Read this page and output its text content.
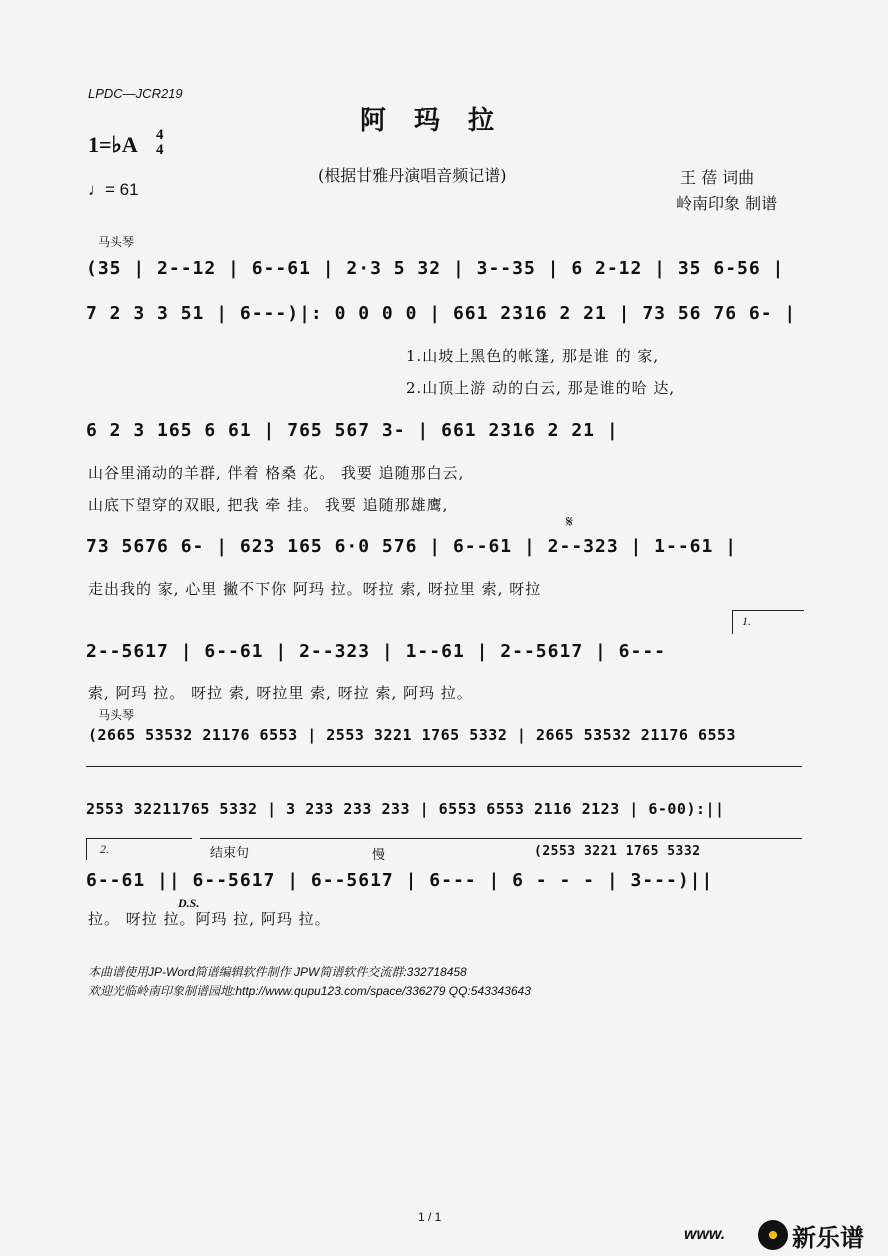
LPDC—JCR219
阿玛拉
1=♭A 4
4
♩= 61
(根据甘雅丹演唱音频记谱)	王 蓓 词曲
岭南印象 制谱
马头琴
(35 | 2--12 | 6--61 | 2·3 5 32 | 3--35 | 6 2-12 | 35 6-56 |
7 2 3 3 51 | 6---)|: 0 0 0 0 | 661 2316 2 21 | 73 56 76 6- |
1.山坡上黑色的帐篷, 那是谁 的 家,
2.山顶上游 动的白云, 那是谁的哈 达,
6 2 3 165 6 61 | 765 567 3- | 661 2316 2 21 |
山谷里涌动的羊群, 伴着 格桑 花。 我要 追随那白云,
山底下望穿的双眼, 把我 牵 挂。 我要 追随那雄鹰,
𝄋
73 5676 6- | 623 165 6·0 576 | 6--61 | 2--323 | 1--61 |
走出我的 家, 心里 撇不下你 阿玛 拉。呀拉 索, 呀拉里 索, 呀拉
1.
2--5617 | 6--61 | 2--323 | 1--61 | 2--5617 | 6---
索, 阿玛 拉。 呀拉 索, 呀拉里 索, 呀拉 索, 阿玛 拉。
马头琴
(2665 53532 21176 6553 | 2553 3221 1765 5332 | 2665 53532 21176 6553
2553 32211765 5332 | 3 233 233 233 | 6553 6553 2116 2123 | 6-00):||
2.	结束句	慢	(2553 3221 1765 5332
6--61 || 6--5617 | 6--5617 | 6--- | 6 - - - | 3---)||
D.S.
拉。 呀拉 拉。阿玛 拉, 阿玛 拉。
本曲谱使用JP-Word简谱编辑软件制作 JPW简谱软件交流群:332718458
欢迎光临岭南印象制谱园地:http://www.qupu123.com/space/336279 QQ:543343643
1 / 1
www.	新乐谱
